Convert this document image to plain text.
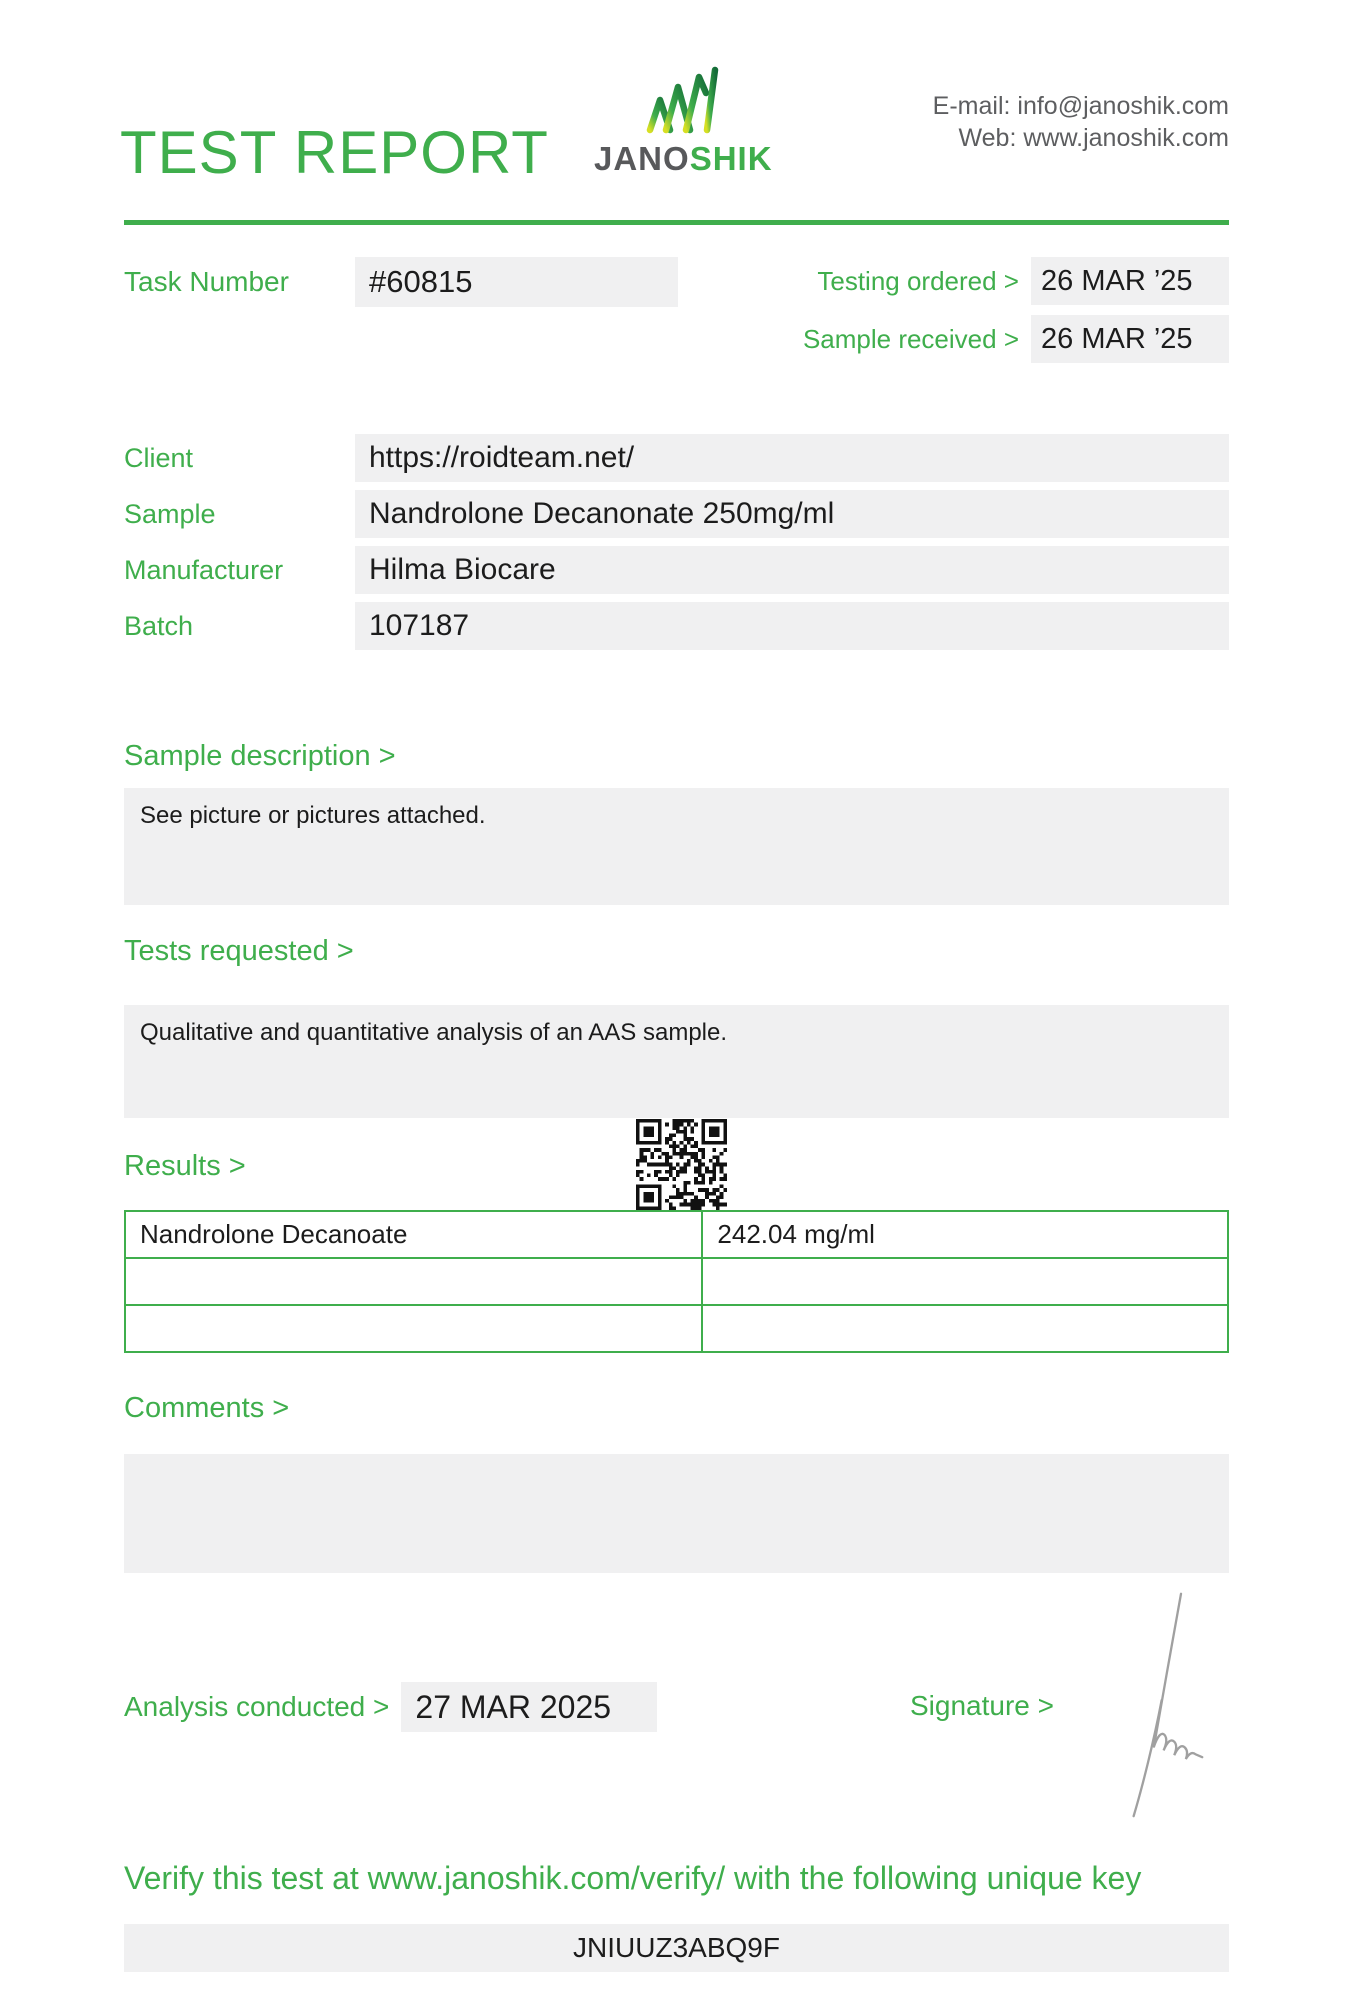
TEST REPORT JANOSHIK
E-mail: info@janoshik.com
Web: www.janoshik.com
Task Number	#60815	Testing ordered > 26 MAR ’25
Sample received > 26 MAR ’25
Client	https://roidteam.net/
Sample	Nandrolone Decanonate 250mg/ml
Manufacturer	Hilma Biocare
Batch	107187
Sample description >
See picture or pictures attached.
Tests requested >
Qualitative and quantitative analysis of an AAS sample.
Results >
Nandrolone Decanoate	242.04 mg/ml

Comments >
Analysis conducted > 27 MAR 2025	Signature >
Verify this test at www.janoshik.com/verify/ with the following unique key
JNIUUZ3ABQ9F
